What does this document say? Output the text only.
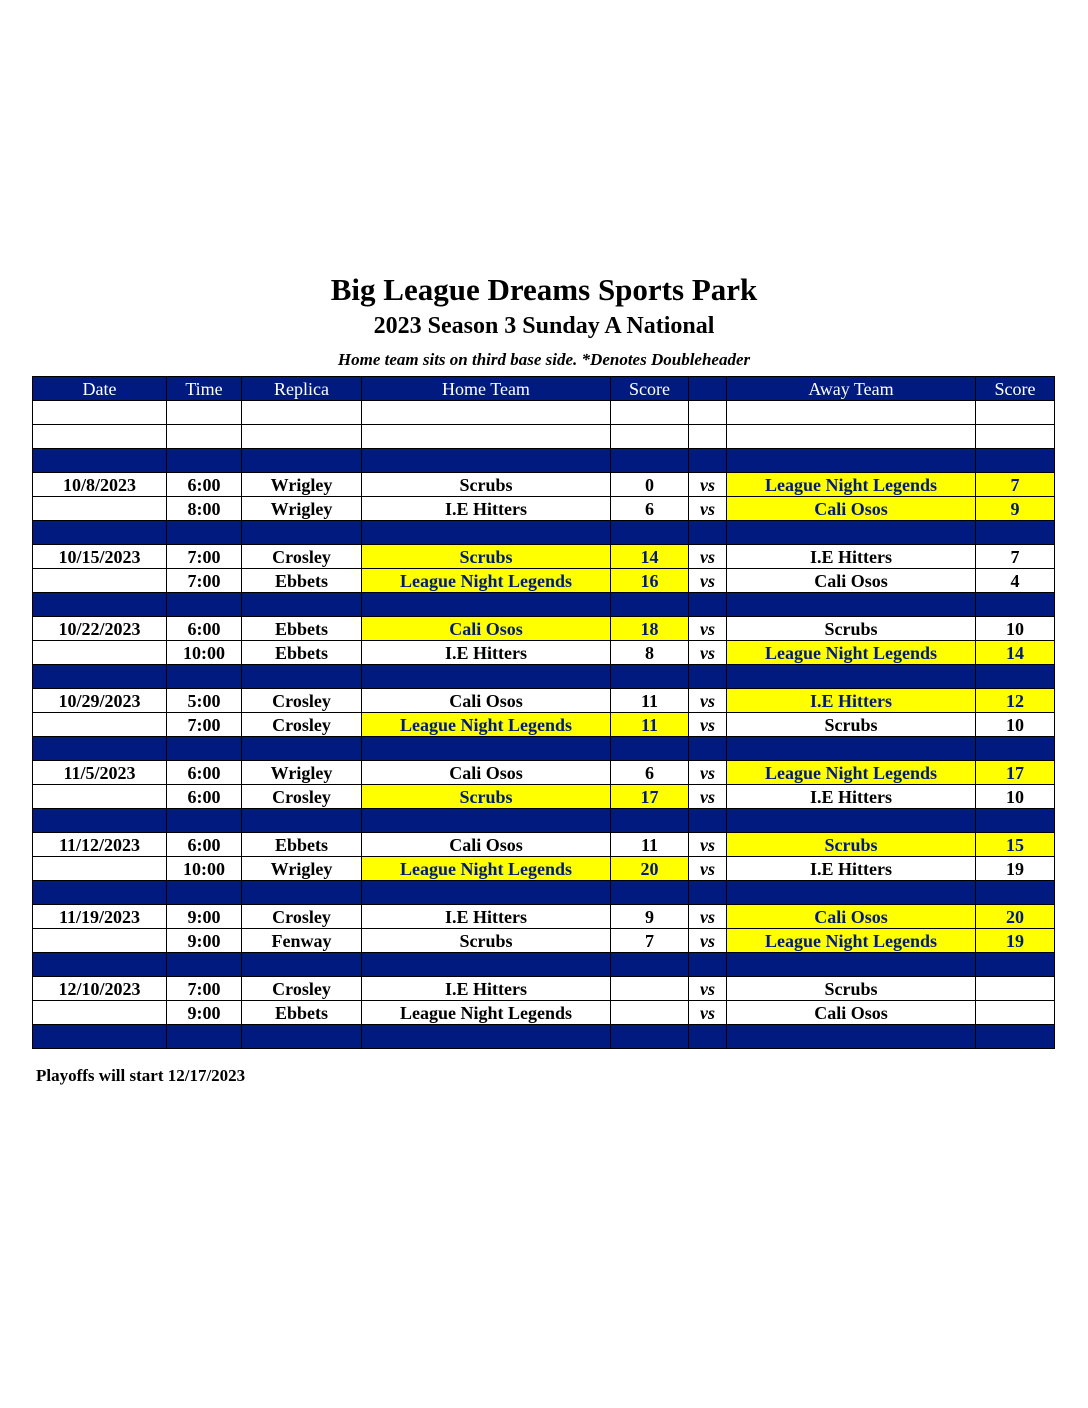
Big League Dreams Sports Park
2023 Season 3 Sunday A National
Home team sits on third base side. *Denotes Doubleheader
Date	Time	Replica	Home Team	Score		Away Team	Score

10/8/2023	6:00	Wrigley	Scrubs	0	vs	League Night Legends	7
	8:00	Wrigley	I.E Hitters	6	vs	Cali Osos	9

10/15/2023	7:00	Crosley	Scrubs	14	vs	I.E Hitters	7
	7:00	Ebbets	League Night Legends	16	vs	Cali Osos	4

10/22/2023	6:00	Ebbets	Cali Osos	18	vs	Scrubs	10
	10:00	Ebbets	I.E Hitters	8	vs	League Night Legends	14

10/29/2023	5:00	Crosley	Cali Osos	11	vs	I.E Hitters	12
	7:00	Crosley	League Night Legends	11	vs	Scrubs	10

11/5/2023	6:00	Wrigley	Cali Osos	6	vs	League Night Legends	17
	6:00	Crosley	Scrubs	17	vs	I.E Hitters	10

11/12/2023	6:00	Ebbets	Cali Osos	11	vs	Scrubs	15
	10:00	Wrigley	League Night Legends	20	vs	I.E Hitters	19

11/19/2023	9:00	Crosley	I.E Hitters	9	vs	Cali Osos	20
	9:00	Fenway	Scrubs	7	vs	League Night Legends	19

12/10/2023	7:00	Crosley	I.E Hitters		vs	Scrubs	
	9:00	Ebbets	League Night Legends		vs	Cali Osos	

Playoffs will start 12/17/2023
